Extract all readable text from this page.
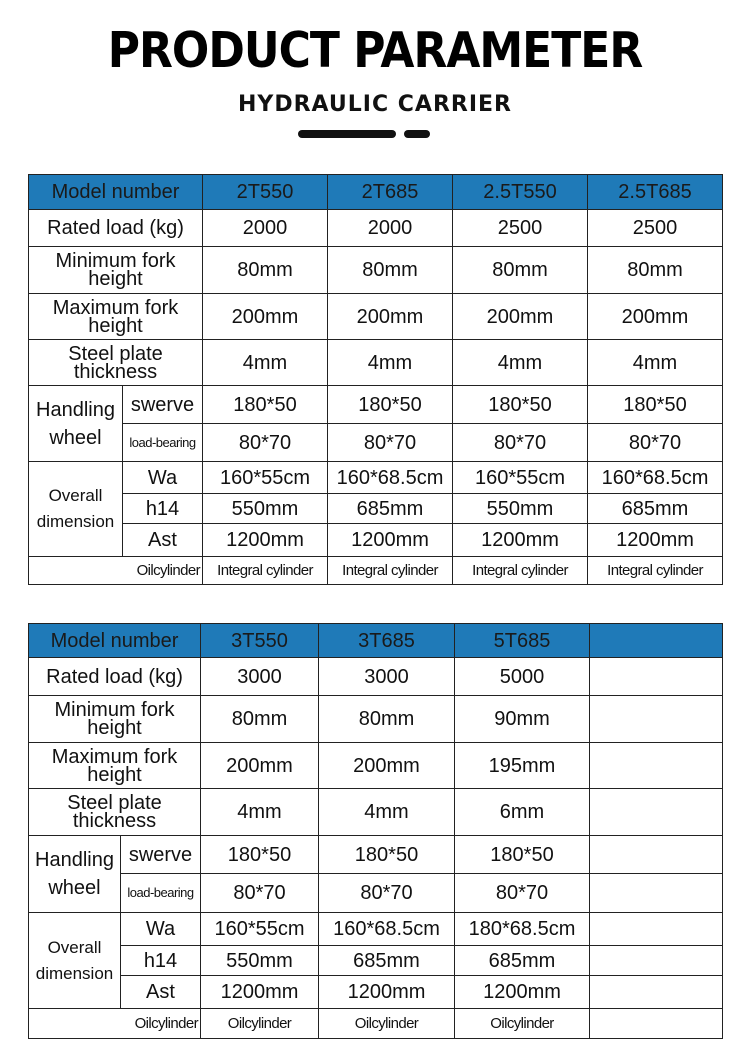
PRODUCT PARAMETER
HYDRAULIC CARRIER
Model number		2T550	2T685	2.5T550	2.5T685
Rated load (kg)		2000	2000	2500	2500
Minimum fork height		80mm	80mm	80mm	80mm
Maximum fork height		200mm	200mm	200mm	200mm
Steel plate thickness		4mm	4mm	4mm	4mm
Handling wheel	swerve	180*50	180*50	180*50	180*50
	load-bearing	80*70	80*70	80*70	80*70
Overall dimension	Wa	160*55cm	160*68.5cm	160*55cm	160*68.5cm
	h14	550mm	685mm	550mm	685mm
	Ast	1200mm	1200mm	1200mm	1200mm
Oilcylinder		Integral cylinder	Integral cylinder	Integral cylinder	Integral cylinder
Model number		3T550	3T685	5T685	
Rated load (kg)		3000	3000	5000	
Minimum fork height		80mm	80mm	90mm	
Maximum fork height		200mm	200mm	195mm	
Steel plate thickness		4mm	4mm	6mm	
Handling wheel	swerve	180*50	180*50	180*50	
	load-bearing	80*70	80*70	80*70	
Overall dimension	Wa	160*55cm	160*68.5cm	180*68.5cm	
	h14	550mm	685mm	685mm	
	Ast	1200mm	1200mm	1200mm	
Oilcylinder		Oilcylinder	Oilcylinder	Oilcylinder	
